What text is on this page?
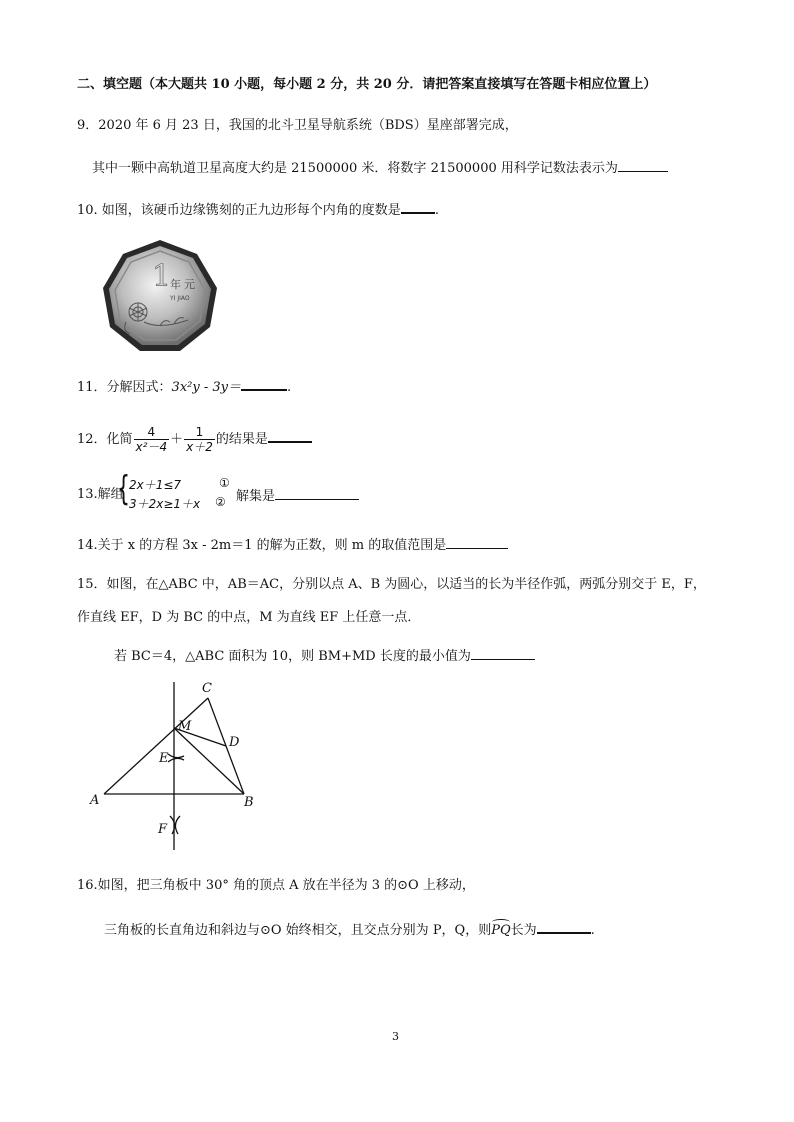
二、填空题（本大题共 10 小题，每小题 2 分，共 20 分．请把答案直接填写在答题卡相应位置上）
9．2020 年 6 月 23 日，我国的北斗卫星导航系统（BDS）星座部署完成，
其中一颗中高轨道卫星高度大约是 21500000 米．将数字 21500000 用科学记数法表示为
10. 如图，该硬币边缘镌刻的正九边形每个内角的度数是	.
1
年 元
YI JIAO
11．分解因式：3x²y - 3y＝	.
12．化简 $\frac{4}{\text{x²－4}} + \frac{1}{x+2}$ 的结果是
13.解组
{ 2x＋1≤7	①
3＋2x≥1＋x ② 解集是
14.关于 x 的方程 3x - 2m＝1 的解为正数，则 m 的取值范围是
15．如图，在△ABC 中，AB＝AC，分别以点 A、B 为圆心，以适当的长为半径作弧，两弧分别交于 E，F，
作直线 EF，D 为 BC 的中点，M 为直线 EF 上任意一点．
若 BC＝4，△ABC 面积为 10，则 BM+MD 长度的最小值为
A	B
C
D
E
F
M
16.如图，把三角板中 30° 角的顶点 A 放在半径为 3 的⊙O 上移动，
三角板的长直角边和斜边与⊙O 始终相交，且交点分别为 P，Q，则PQ长为	.
3
